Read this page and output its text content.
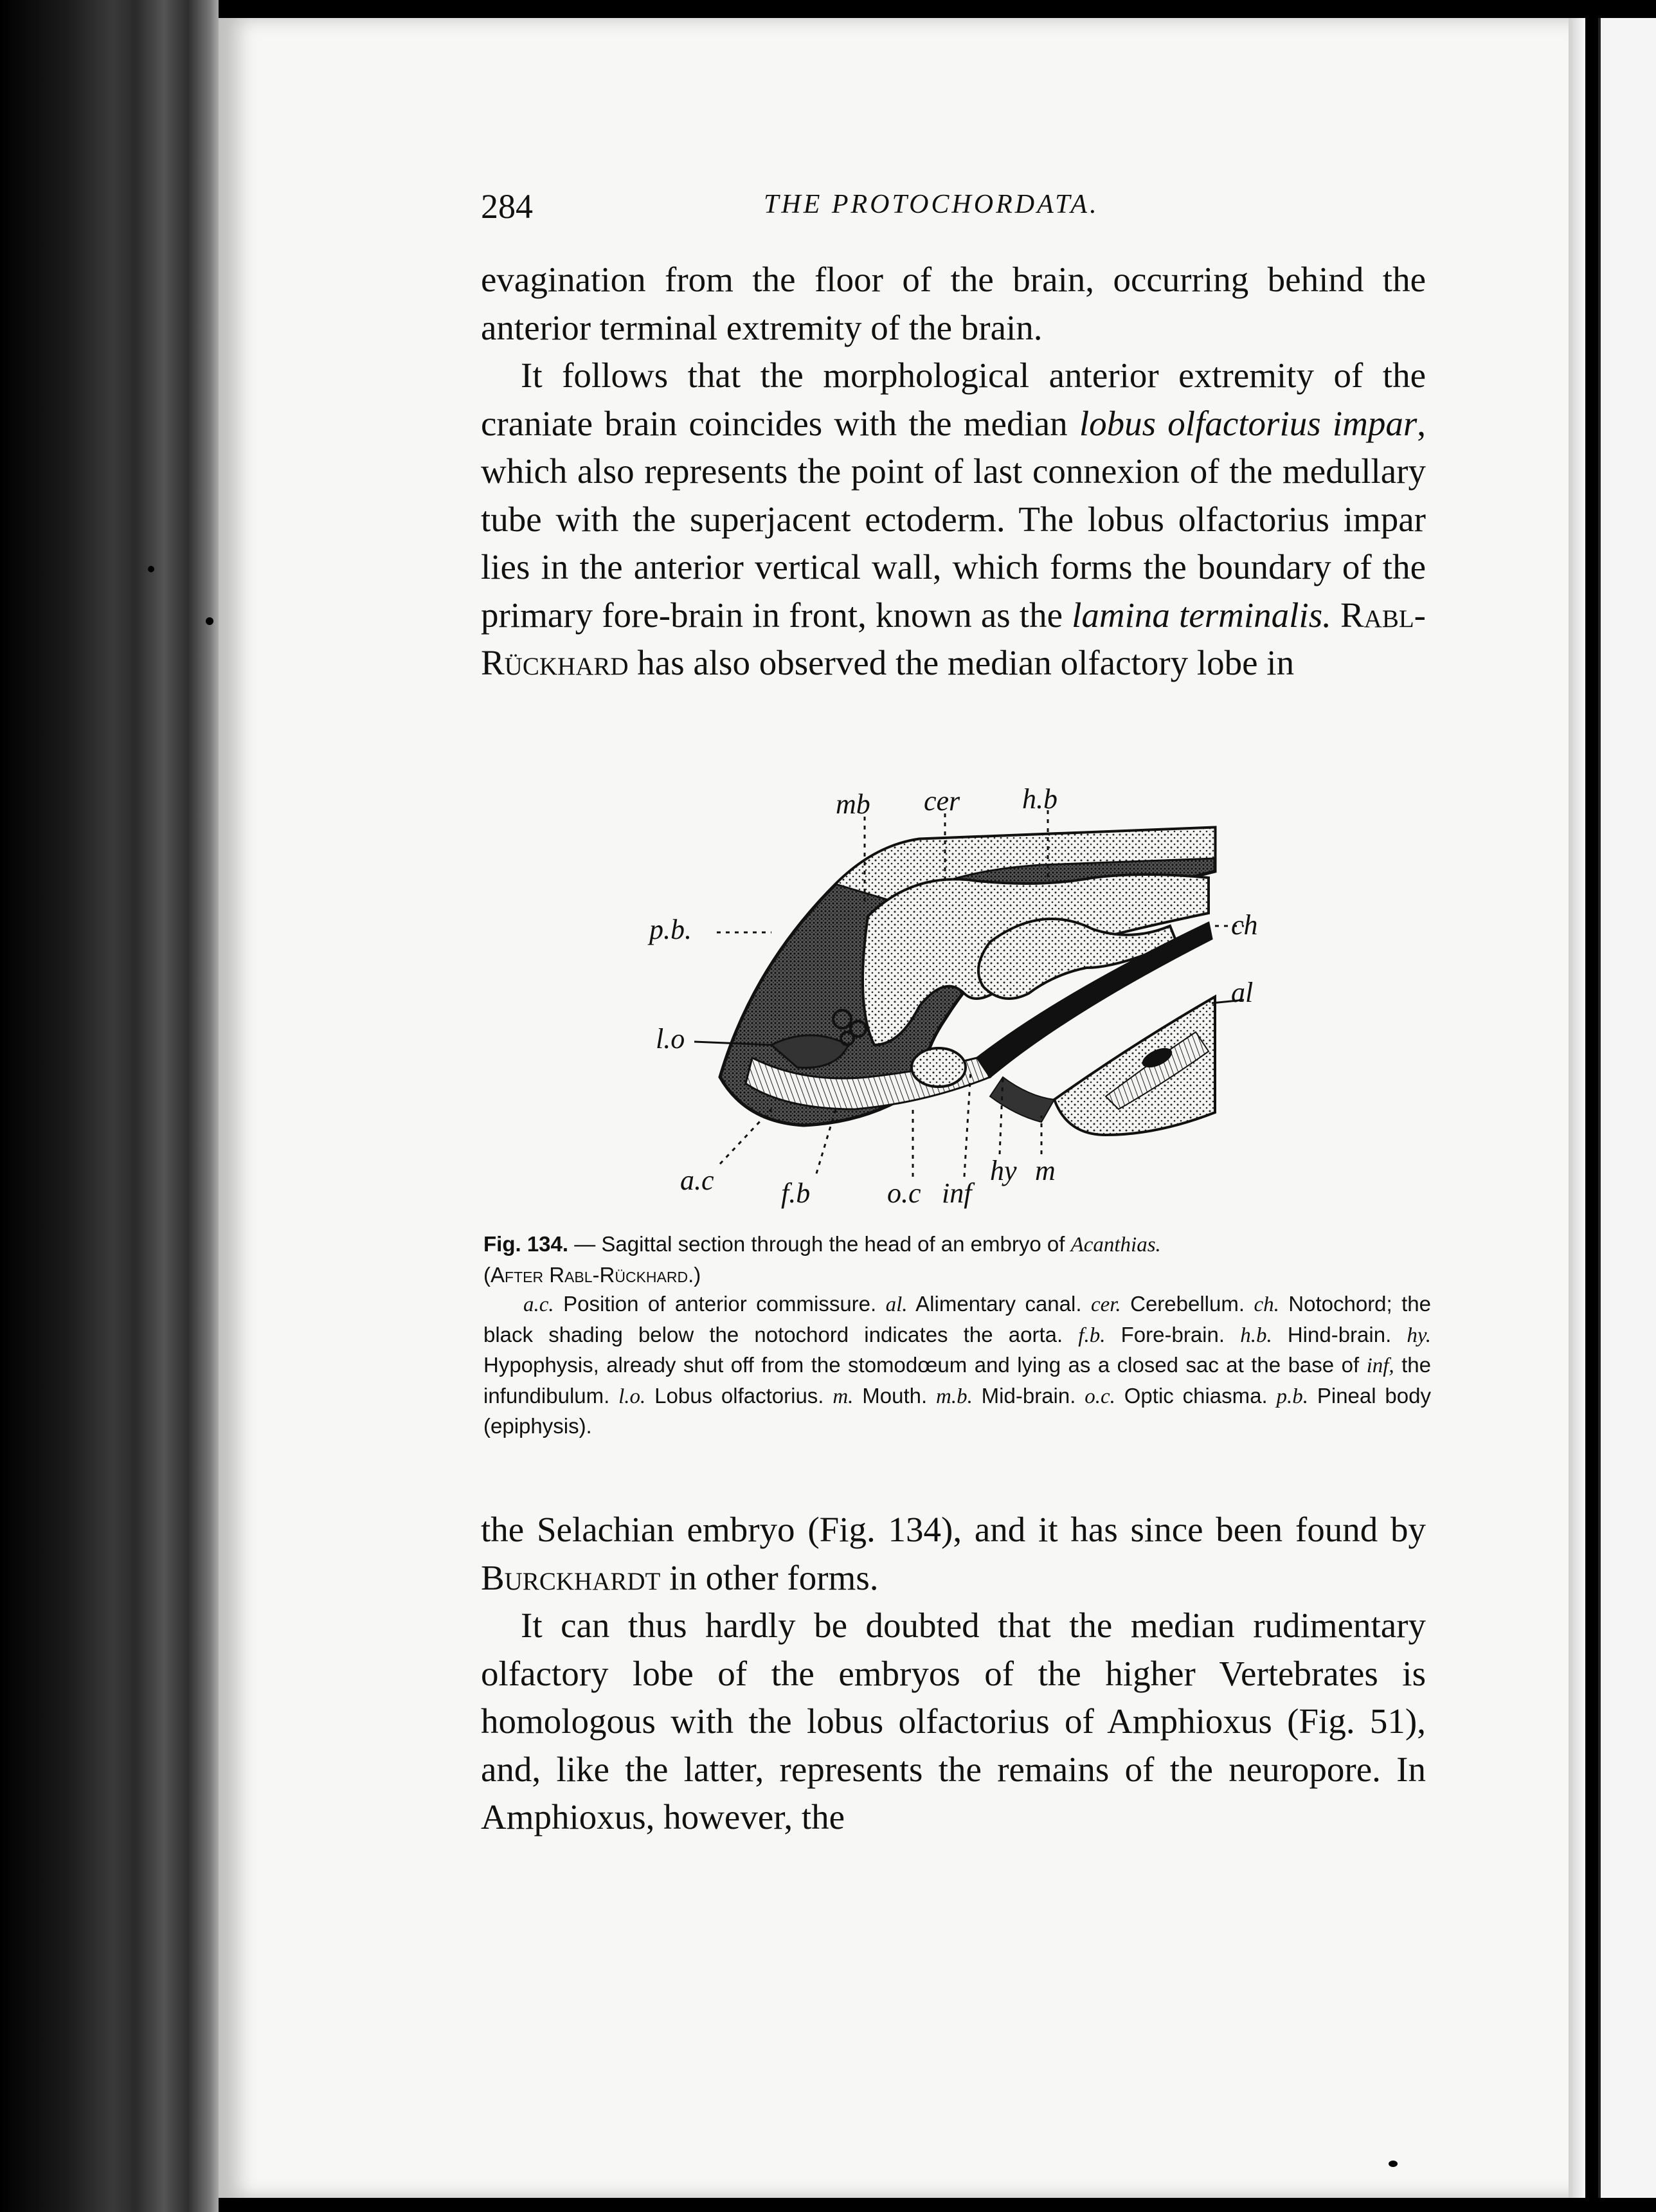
284	THE PROTOCHORDATA.

evagination from the floor of the brain, occurring behind the anterior terminal extremity of the brain.

It follows that the morphological anterior extremity of the craniate brain coincides with the median lobus olfactorius impar, which also represents the point of last connexion of the medullary tube with the superjacent ectoderm. The lobus olfactorius impar lies in the anterior vertical wall, which forms the boundary of the primary fore-brain in front, known as the lamina terminalis. Rabl-Rückhard has also observed the median olfactory lobe in

mb cer h.b
p.b.	ch
al
l.o
a.c f.b	o.c inf
hy m

Fig. 134. — Sagittal section through the head of an embryo of Acanthias.
(After Rabl-Rückhard.)

a.c. Position of anterior commissure. al. Alimentary canal. cer. Cerebellum. ch. Notochord; the black shading below the notochord indicates the aorta. f.b. Fore-brain. h.b. Hind-brain. hy. Hypophysis, already shut off from the stomodœum and lying as a closed sac at the base of inf, the infundibulum. l.o. Lobus olfactorius. m. Mouth. m.b. Mid-brain. o.c. Optic chiasma. p.b. Pineal body (epiphysis).

the Selachian embryo (Fig. 134), and it has since been found by Burckhardt in other forms.

It can thus hardly be doubted that the median rudimentary olfactory lobe of the embryos of the higher Vertebrates is homologous with the lobus olfactorius of Amphioxus (Fig. 51), and, like the latter, represents the remains of the neuropore. In Amphioxus, however, the
